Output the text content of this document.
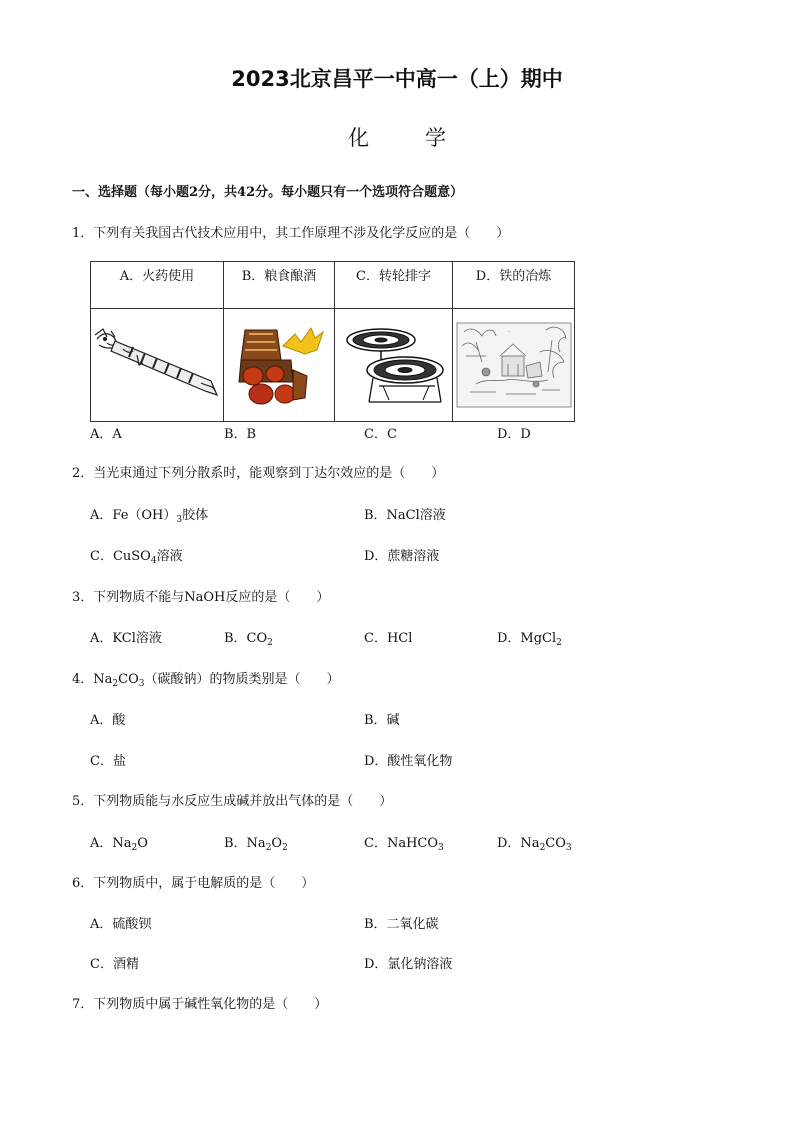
2023北京昌平一中高一（上）期中
化	学
一、选择题（每小题2分，共42分。每小题只有一个选项符合题意）
1．下列有关我国古代技术应用中，其工作原理不涉及化学反应的是（　　）
A．火药使用	B．粮食酿酒	C．转轮排字	D．铁的冶炼

·
A．A	B．B	C．C	D．D
2．当光束通过下列分散系时，能观察到丁达尔效应的是（　　）
A．$Fe(OH)_3$胶体	B．NaCl溶液
C．CuSO$_4$溶液	D．蔗糖溶液
3．下列物质不能与NaOH反应的是（　　）
A．KCl溶液	B．$CO_2$	C．HCl	D．MgCl$_2$
4．$Na_2CO_3$（碳酸钠）的物质类别是（　　）
A．酸	B．碱
C．盐	D．酸性氧化物
5．下列物质能与水反应生成碱并放出气体的是（　　）
A．$Na_2O$	B．$Na_2O_2$	C．NaHCO$_3$	D．$Na_2CO_3$
6．下列物质中，属于电解质的是（　　）
A．硫酸钡	B．二氧化碳
C．酒精	D．氯化钠溶液
7．下列物质中属于碱性氧化物的是（　　）
